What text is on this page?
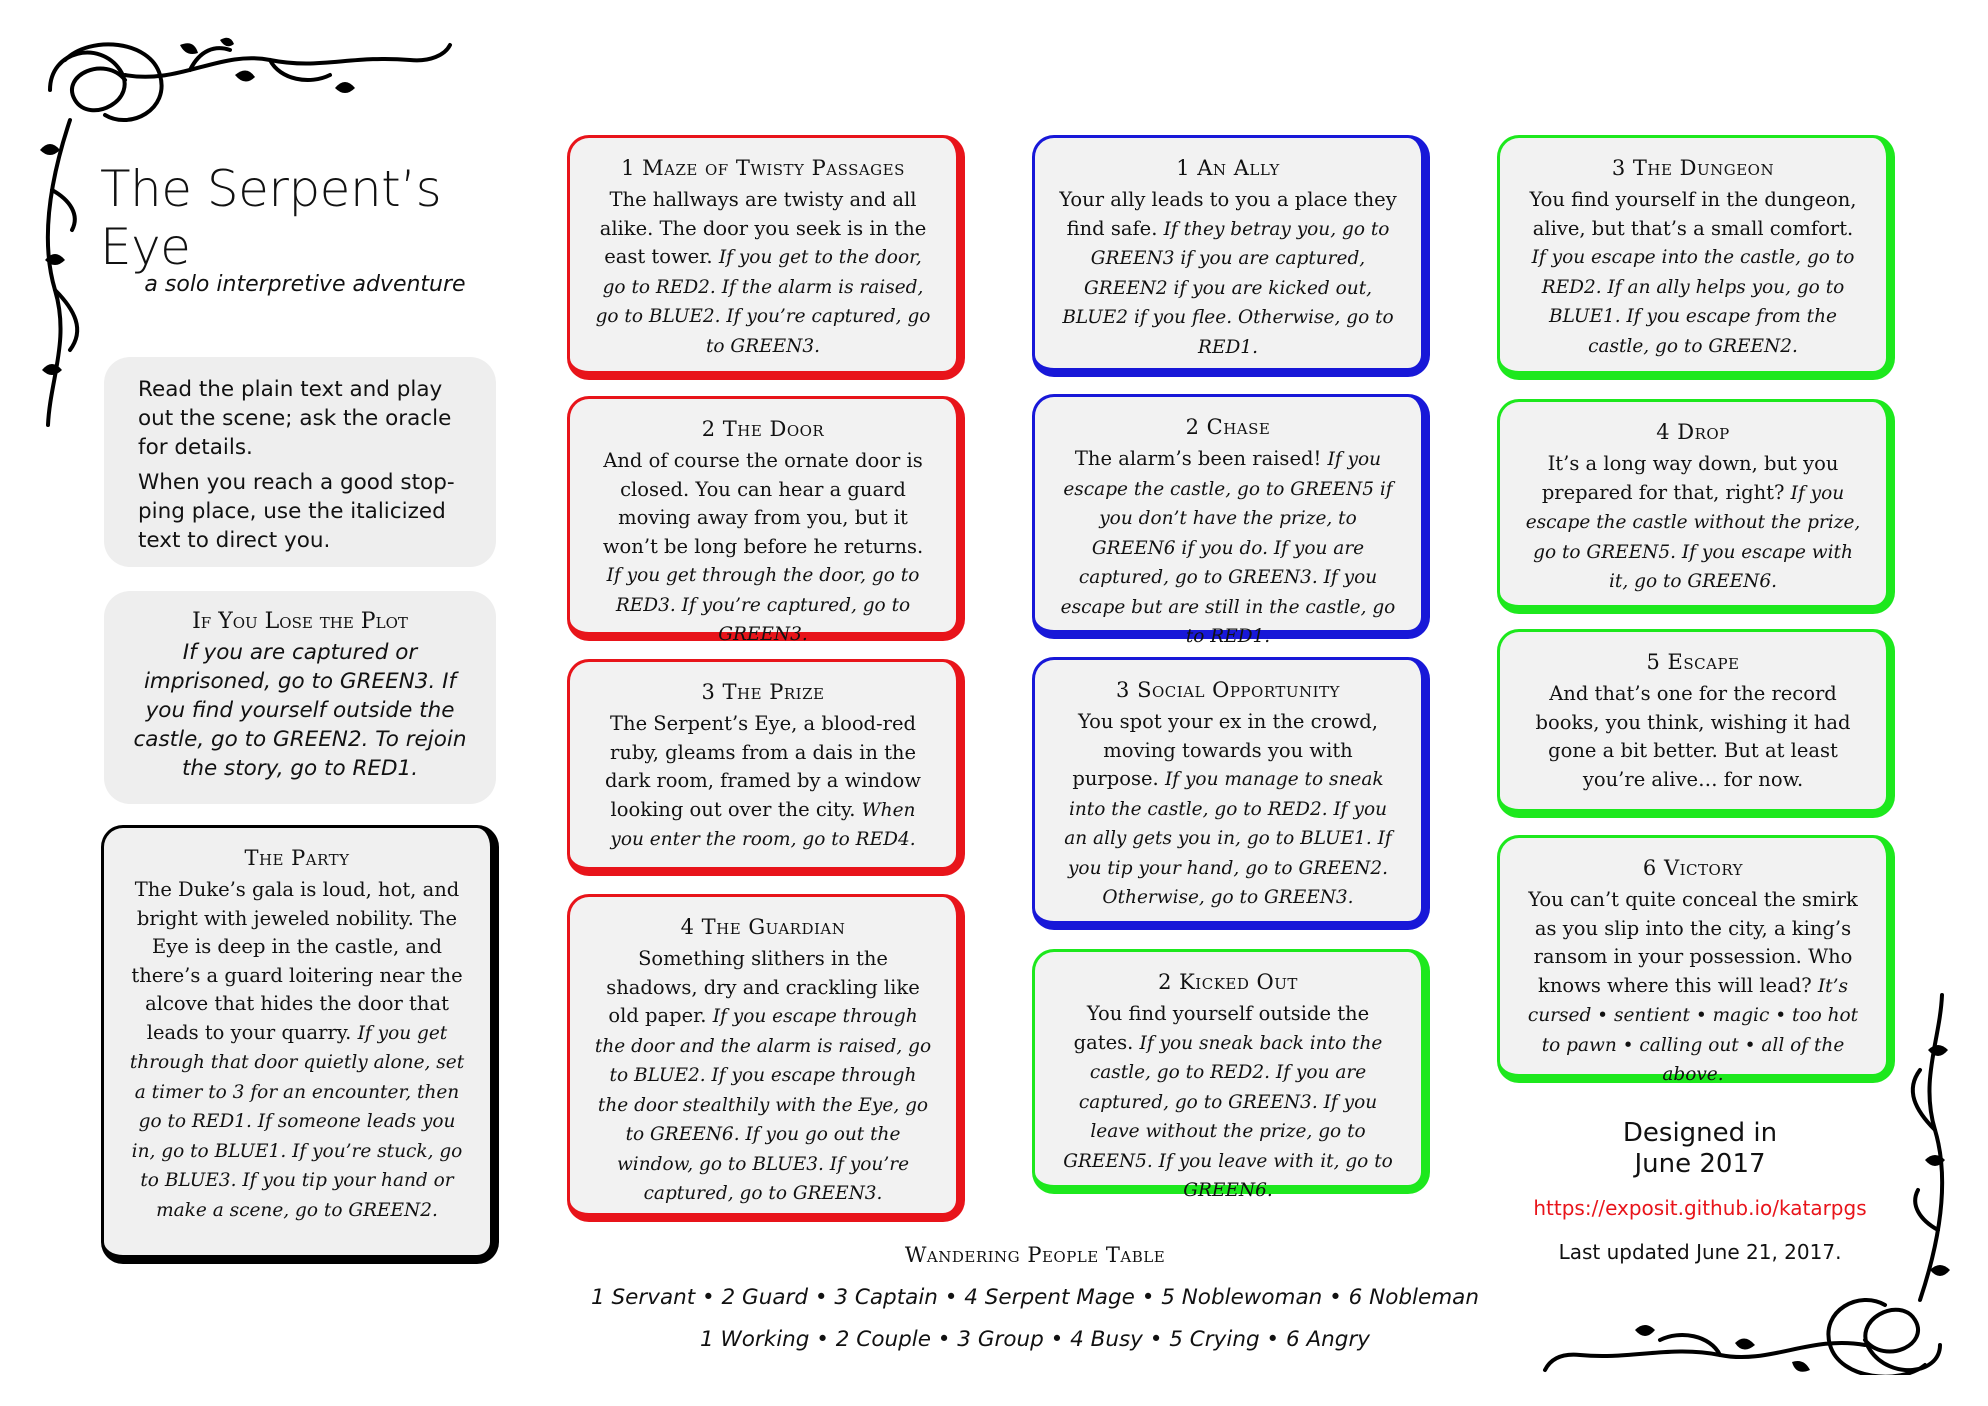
The Serpent’s Eye
a solo interpretive adventure

Read the plain text and play out the scene; ask the oracle for details.

When you reach a good stop-ping place, use the italicized text to direct you.

If You Lose the Plot
If you are captured or imprisoned, go to GREEN3. If you find yourself outside the castle, go to GREEN2. To rejoin the story, go to RED1.
The Party
The Duke’s gala is loud, hot, and bright with jeweled nobility. The Eye is deep in the castle, and there’s a guard loitering near the alcove that hides the door that leads to your quarry. If you get through that door quietly alone, set a timer to 3 for an encounter, then go to RED1. If someone leads you in, go to BLUE1. If you’re stuck, go to BLUE3. If you tip your hand or make a scene, go to GREEN2.
1 Maze of Twisty Passages
The hallways are twisty and all alike. The door you seek is in the east tower. If you get to the door, go to RED2. If the alarm is raised, go to BLUE2. If you’re captured, go to GREEN3.
2 The Door
And of course the ornate door is closed. You can hear a guard moving away from you, but it won’t be long before he returns. If you get through the door, go to RED3. If you’re captured, go to GREEN3.
3 The Prize
The Serpent’s Eye, a blood-red ruby, gleams from a dais in the dark room, framed by a window looking out over the city. When you enter the room, go to RED4.
4 The Guardian
Something slithers in the shadows, dry and crackling like old paper. If you escape through the door and the alarm is raised, go to BLUE2. If you escape through the door stealthily with the Eye, go to GREEN6. If you go out the window, go to BLUE3. If you’re captured, go to GREEN3.
1 An Ally
Your ally leads to you a place they find safe. If they betray you, go to GREEN3 if you are captured, GREEN2 if you are kicked out, BLUE2 if you flee. Otherwise, go to RED1.
2 Chase
The alarm’s been raised! If you escape the castle, go to GREEN5 if you don’t have the prize, to GREEN6 if you do. If you are captured, go to GREEN3. If you escape but are still in the castle, go to RED1.
3 Social Opportunity
You spot your ex in the crowd, moving towards you with purpose. If you manage to sneak into the castle, go to RED2. If you an ally gets you in, go to BLUE1. If you tip your hand, go to GREEN2. Otherwise, go to GREEN3.
2 Kicked Out
You find yourself outside the gates. If you sneak back into the castle, go to RED2. If you are captured, go to GREEN3. If you leave without the prize, go to GREEN5. If you leave with it, go to GREEN6.
3 The Dungeon
You find yourself in the dungeon, alive, but that’s a small comfort. If you escape into the castle, go to RED2. If an ally helps you, go to BLUE1. If you escape from the castle, go to GREEN2.
4 Drop
It’s a long way down, but you prepared for that, right? If you escape the castle without the prize, go to GREEN5. If you escape with it, go to GREEN6.
5 Escape
And that’s one for the record books, you think, wishing it had gone a bit better. But at least you’re alive… for now.
6 Victory
You can’t quite conceal the smirk as you slip into the city, a king’s ransom in your possession. Who knows where this will lead? It’s cursed • sentient • magic • too hot to pawn • calling out • all of the above.
Wandering People Table
1 Servant • 2 Guard • 3 Captain • 4 Serpent Mage • 5 Noblewoman • 6 Nobleman
1 Working • 2 Couple • 3 Group • 4 Busy • 5 Crying • 6 Angry
Designed in
June 2017
https://exposit.github.io/katarpgs
Last updated June 21, 2017.
